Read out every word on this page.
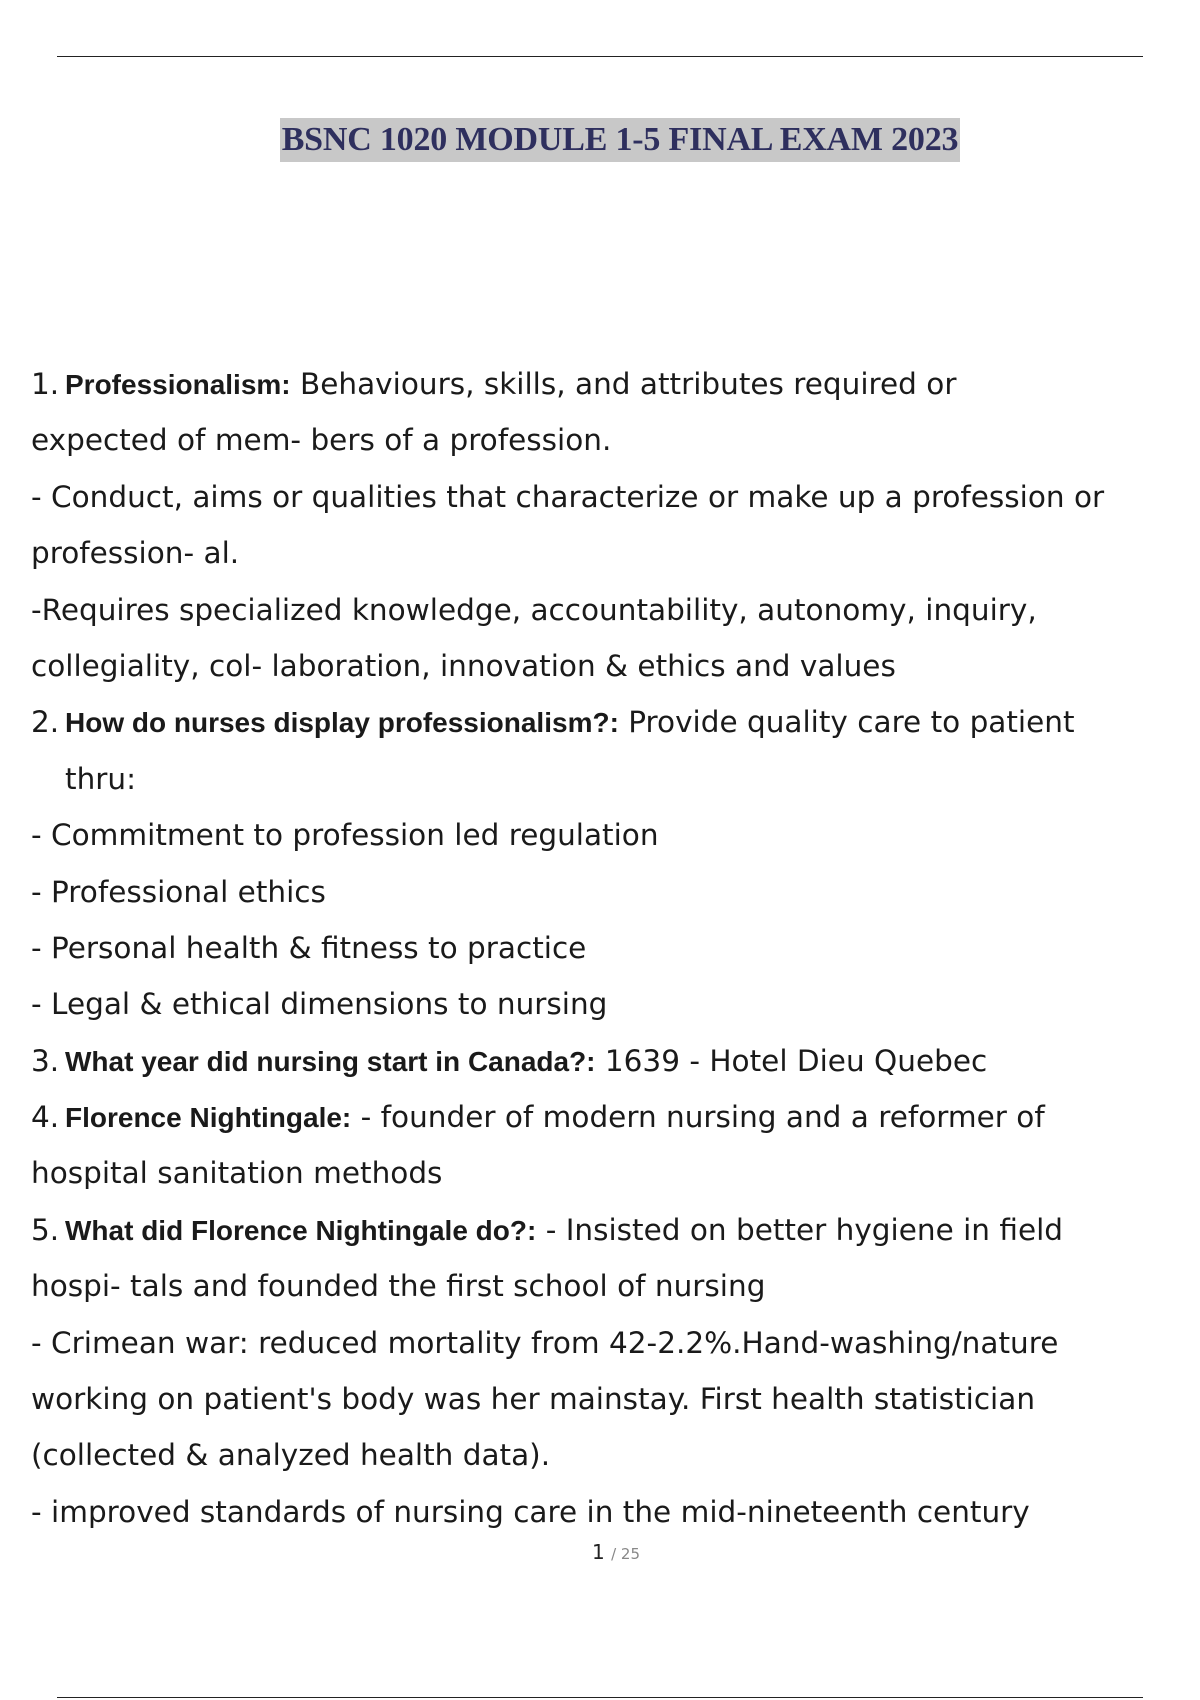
BSNC 1020 MODULE 1-5 FINAL EXAM 2023
1. Professionalism: Behaviours, skills, and attributes required or
expected of mem- bers of a profession.
- Conduct, aims or qualities that characterize or make up a profession or
profession- al.
-Requires specialized knowledge, accountability, autonomy, inquiry,
collegiality, col- laboration, innovation & ethics and values
2. How do nurses display professionalism?: Provide quality care to patient
thru:
- Commitment to profession led regulation
- Professional ethics
- Personal health & fitness to practice
- Legal & ethical dimensions to nursing
3. What year did nursing start in Canada?: 1639 - Hotel Dieu Quebec
4. Florence Nightingale: - founder of modern nursing and a reformer of
hospital sanitation methods
5. What did Florence Nightingale do?: - Insisted on better hygiene in field
hospi- tals and founded the first school of nursing
- Crimean war: reduced mortality from 42-2.2%.Hand-washing/nature
working on patient's body was her mainstay. First health statistician
(collected & analyzed health data).
- improved standards of nursing care in the mid-nineteenth century
1 / 25
